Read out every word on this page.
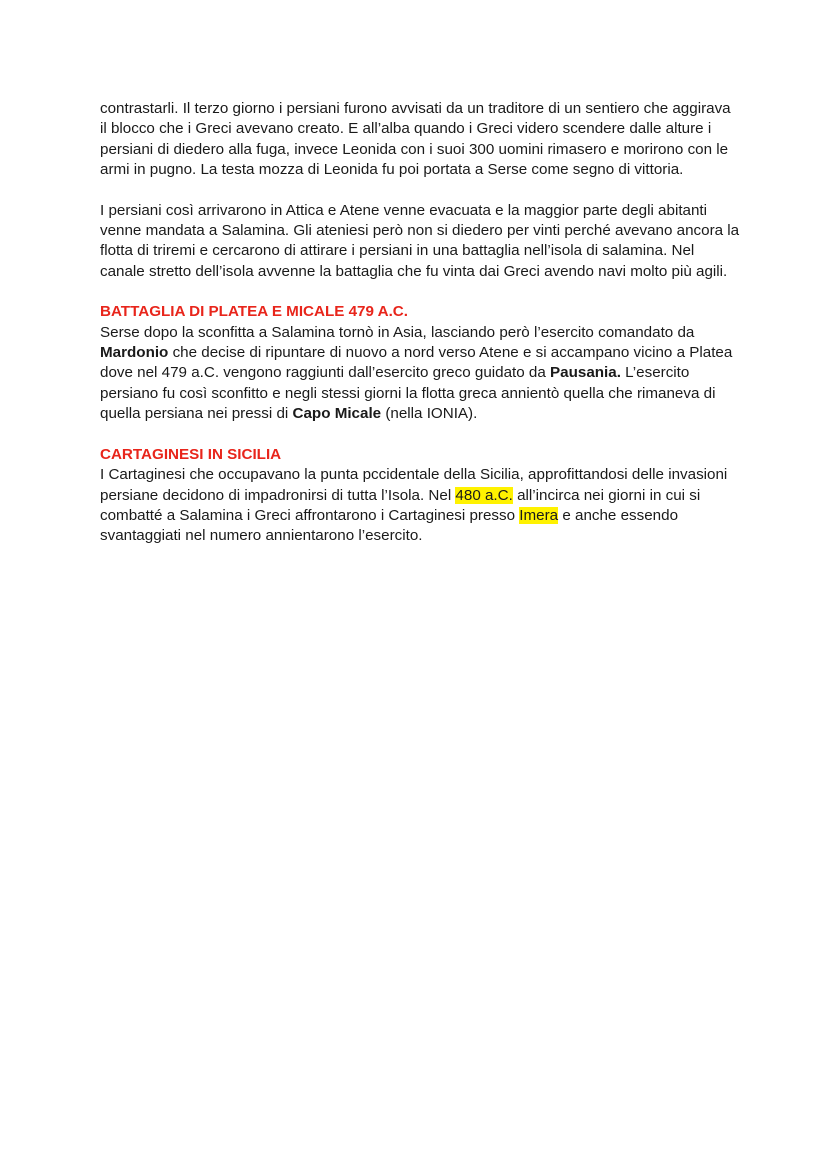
contrastarli. Il terzo giorno i persiani furono avvisati da un traditore di un sentiero che aggirava il blocco che i Greci avevano creato. E all’alba quando i Greci videro scendere dalle alture i persiani di diedero alla fuga, invece Leonida con i suoi 300 uomini rimasero e morirono con le armi in pugno. La testa mozza di Leonida fu poi portata a Serse come segno di vittoria.

I persiani così arrivarono in Attica e Atene venne evacuata e la maggior parte degli abitanti venne mandata a Salamina. Gli ateniesi però non si diedero per vinti perché avevano ancora la flotta di triremi e cercarono di attirare i persiani in una battaglia nell’isola di salamina. Nel canale stretto dell’isola avvenne la battaglia che fu vinta dai Greci avendo navi molto più agili.

BATTAGLIA DI PLATEA E MICALE 479 A.C.

Serse dopo la sconfitta a Salamina tornò in Asia, lasciando però l’esercito comandato da Mardonio che decise di ripuntare di nuovo a nord verso Atene e si accampano vicino a Platea dove nel 479 a.C. vengono raggiunti dall’esercito greco guidato da Pausania. L’esercito persiano fu così sconfitto e negli stessi giorni la flotta greca annientò quella che rimaneva di quella persiana nei pressi di Capo Micale (nella IONIA).

CARTAGINESI IN SICILIA

I Cartaginesi che occupavano la punta pccidentale della Sicilia, approfittandosi delle invasioni persiane decidono di impadronirsi di tutta l’Isola. Nel 480 a.C. all’incirca nei giorni in cui si combatté a Salamina i Greci affrontarono i Cartaginesi presso Imera e anche essendo svantaggiati nel numero annientarono l’esercito.
